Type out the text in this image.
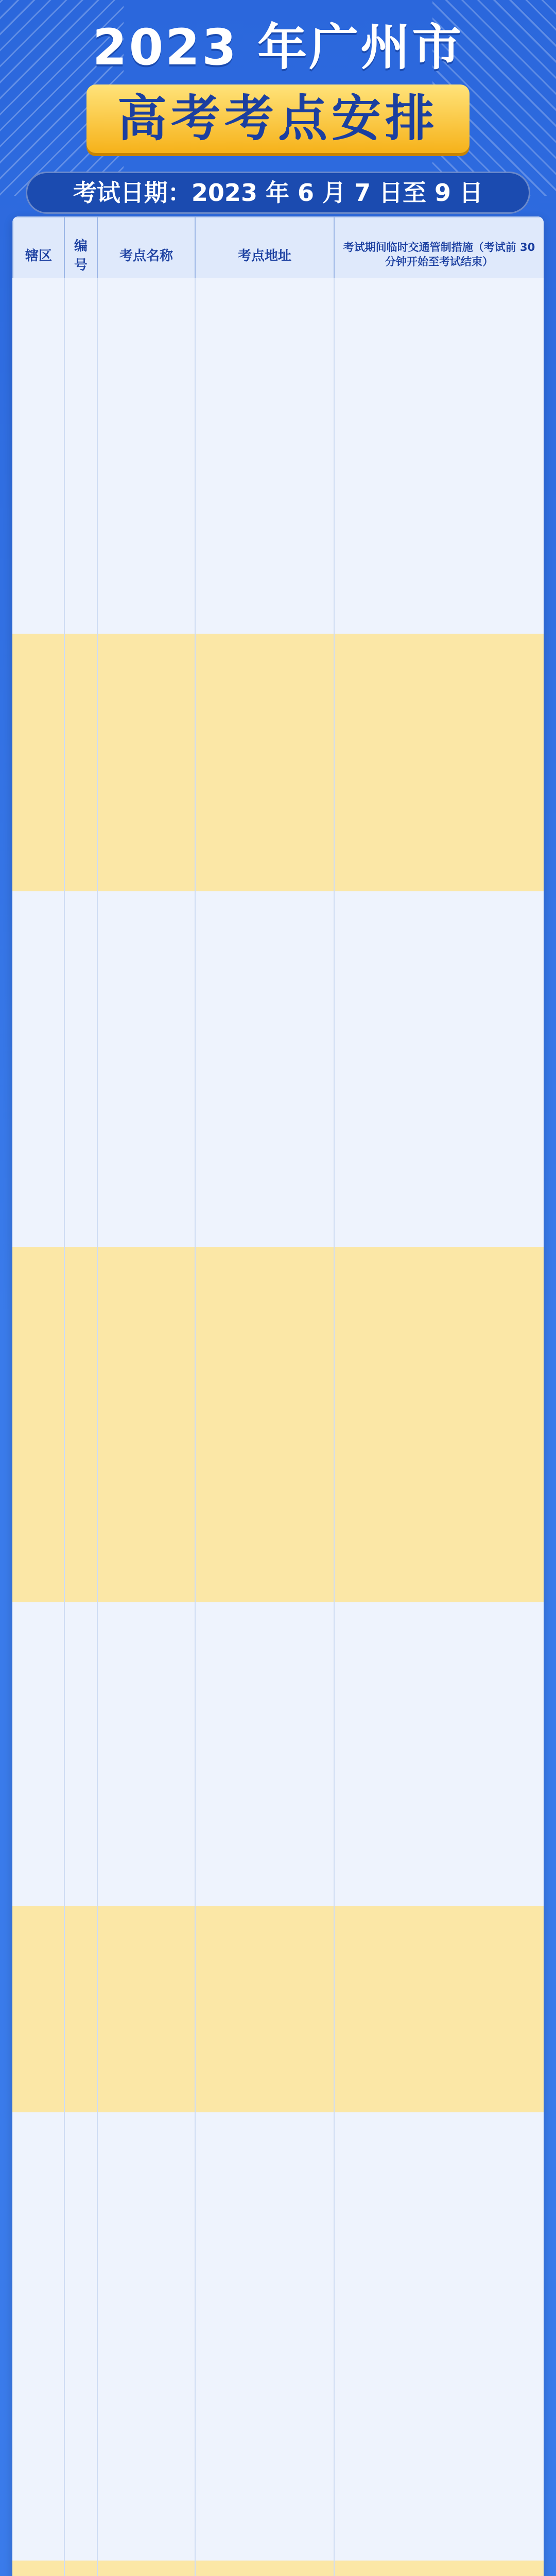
2023 年广州市
高考考点安排
考试日期：2023 年 6 月 7 日至 9 日
辖区	编号	考点名称	考点地址	考试期间临时交通管制措施（考试前 30 分钟开始至考试结束）
